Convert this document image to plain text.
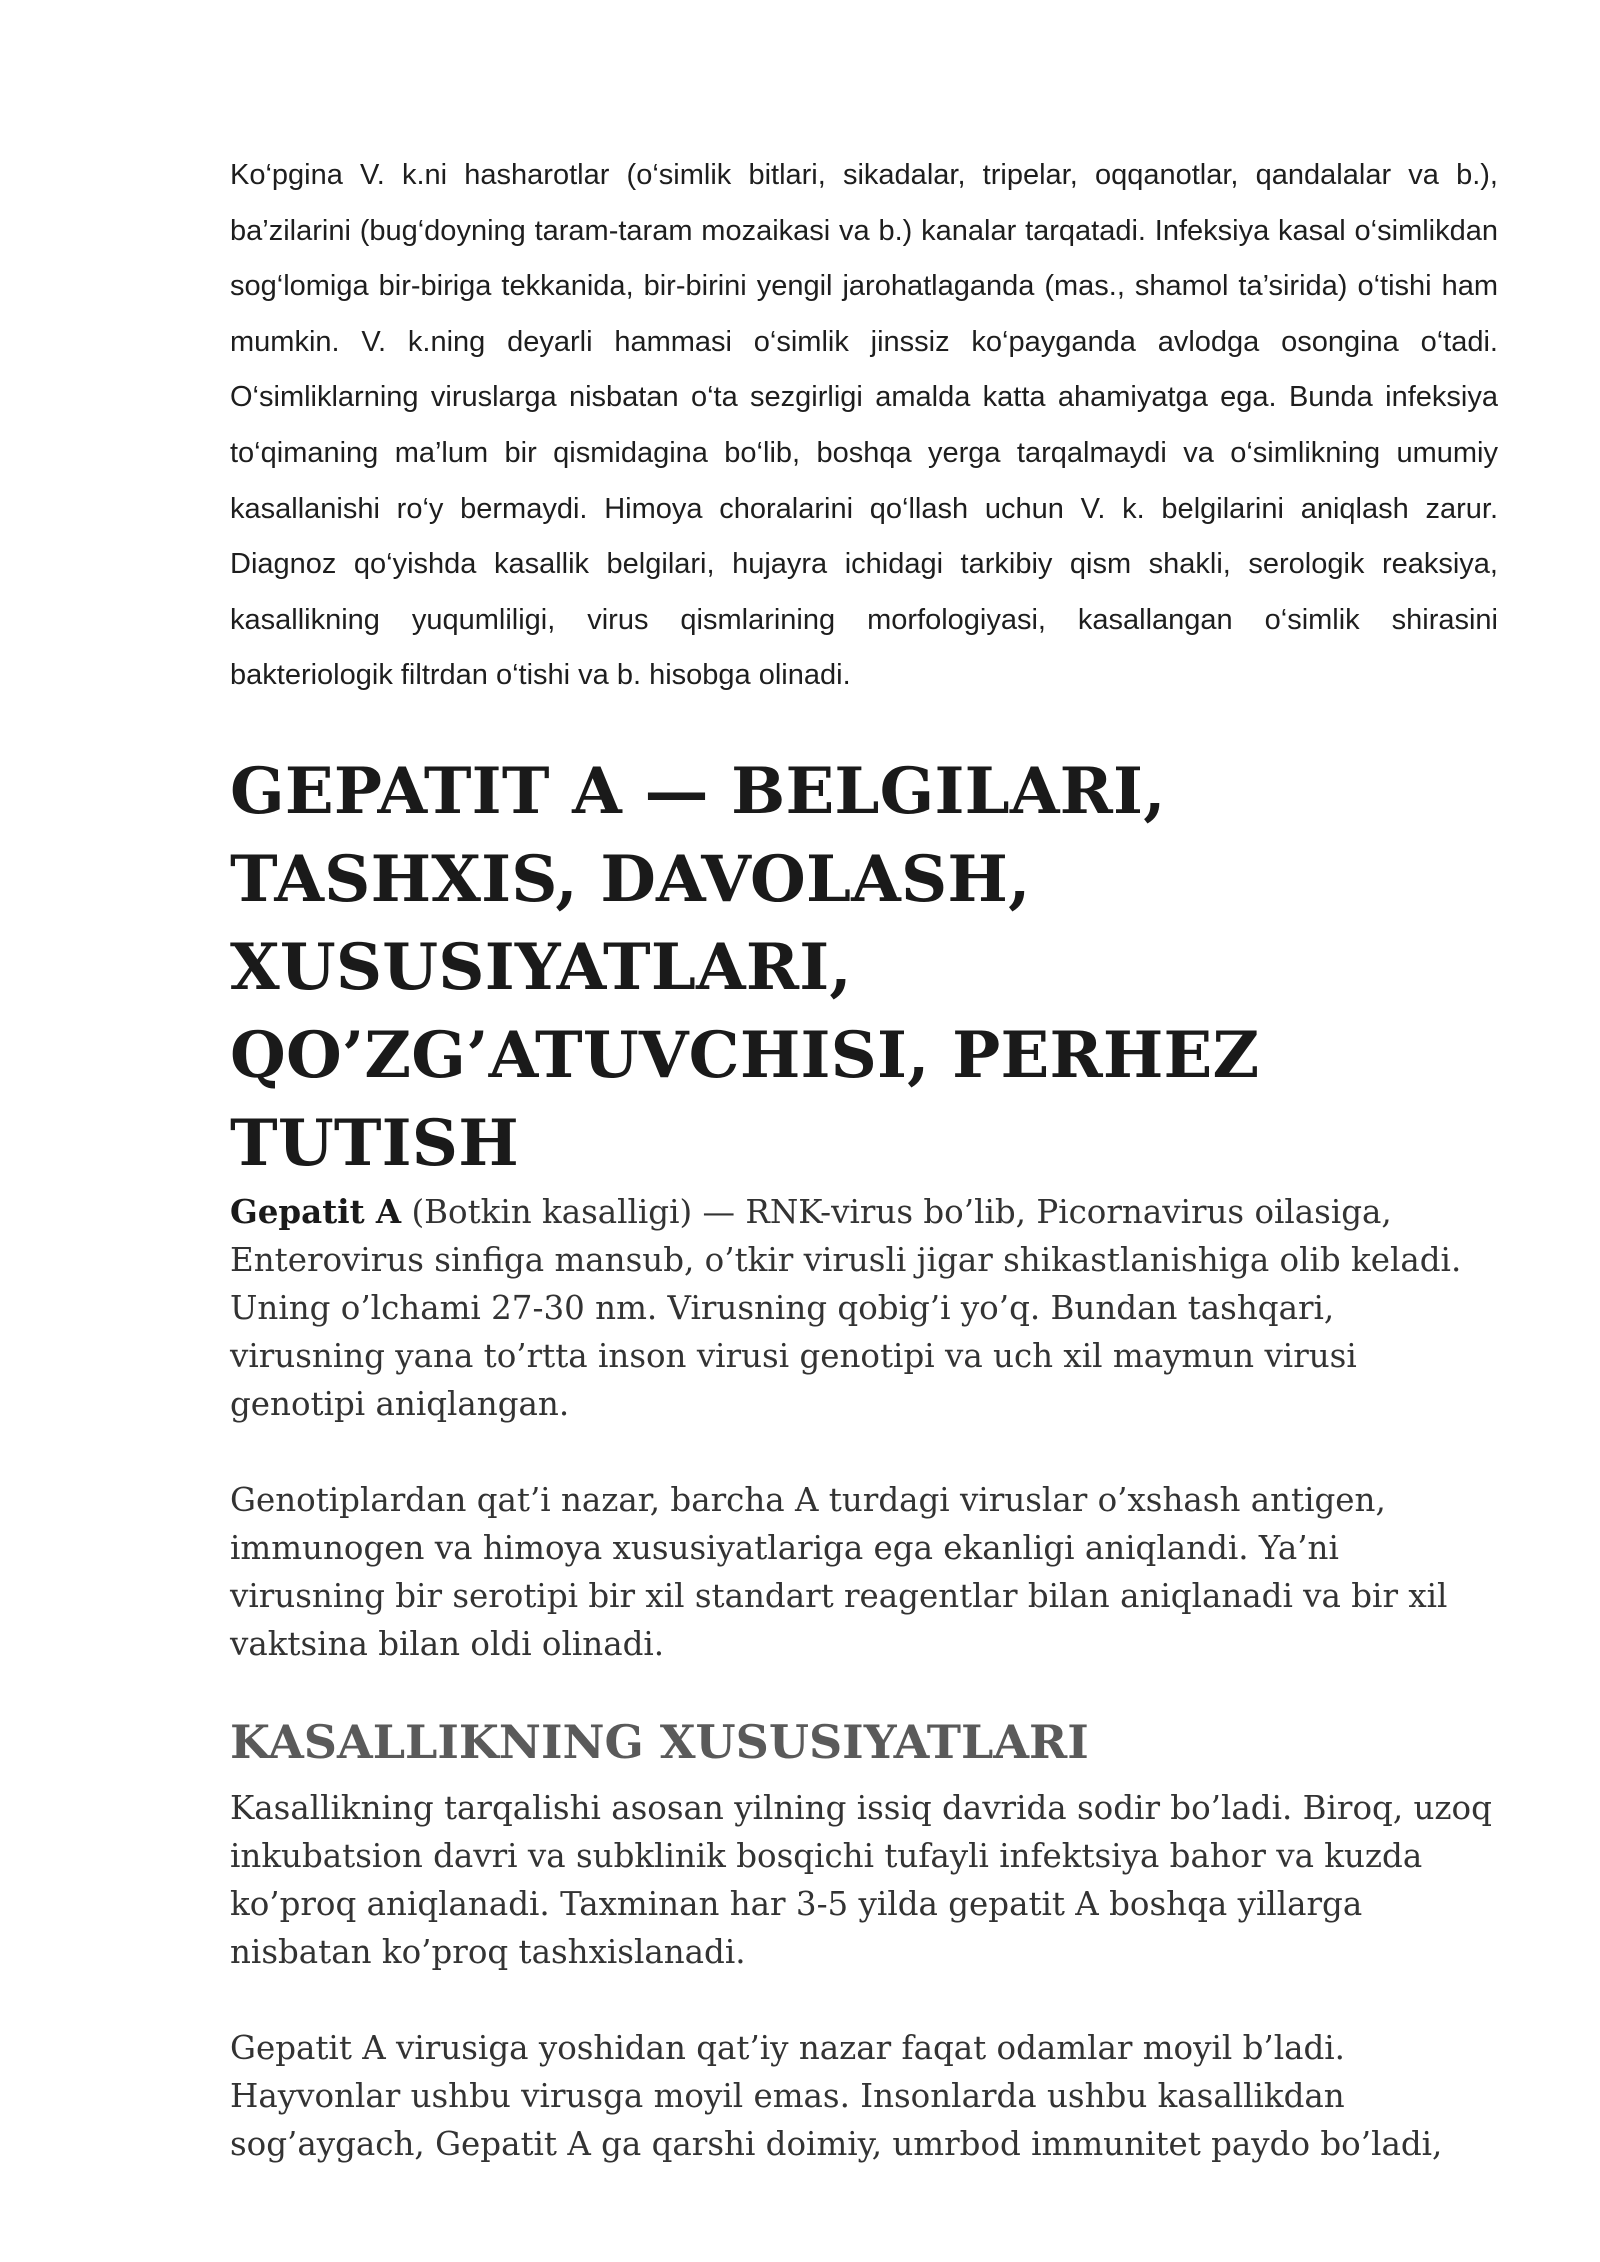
Ko‘pgina V. k.ni hasharotlar (o‘simlik bitlari, sikadalar, tripelar, oqqanotlar, qandalalar va b.), ba’zilarini (bug‘doyning taram-taram mozaikasi va b.) kanalar tarqatadi. Infeksiya kasal o‘simlikdan sog‘lomiga bir-biriga tekkanida, bir-birini yengil jarohatlaganda (mas., shamol ta’sirida) o‘tishi ham mumkin. V. k.ning deyarli hammasi o‘simlik jinssiz ko‘payganda avlodga osongina o‘tadi. O‘simliklarning viruslarga nisbatan o‘ta sezgirligi amalda katta ahamiyatga ega. Bunda infeksiya to‘qimaning ma’lum bir qismidagina bo‘lib, boshqa yerga tarqalmaydi va o‘simlikning umumiy kasallanishi ro‘y bermaydi. Himoya choralarini qo‘llash uchun V. k. belgilarini aniqlash zarur. Diagnoz qo‘yishda kasallik belgilari, hujayra ichidagi tarkibiy qism shakli, serologik reaksiya, kasallikning yuqumliligi, virus qismlarining morfologiyasi, kasallangan o‘simlik shirasini bakteriologik filtrdan o‘tishi va b. hisobga olinadi.

GEPATIT A — BELGILARI, TASHXIS, DAVOLASH, XUSUSIYATLARI, QO’ZG’ATUVCHISI, PERHEZ TUTISH

Gepatit A (Botkin kasalligi) — RNK-virus bo’lib, Picornavirus oilasiga, Enterovirus sinfiga mansub, o’tkir virusli jigar shikastlanishiga olib keladi. Uning o’lchami 27-30 nm. Virusning qobig’i yo’q. Bundan tashqari, virusning yana to’rtta inson virusi genotipi va uch xil maymun virusi genotipi aniqlangan.

Genotiplardan qat’i nazar, barcha A turdagi viruslar o’xshash antigen, immunogen va himoya xususiyatlariga ega ekanligi aniqlandi. Ya’ni virusning bir serotipi bir xil standart reagentlar bilan aniqlanadi va bir xil vaktsina bilan oldi olinadi.

KASALLIKNING XUSUSIYATLARI

Kasallikning tarqalishi asosan yilning issiq davrida sodir bo’ladi. Biroq, uzoq inkubatsion davri va subklinik bosqichi tufayli infektsiya bahor va kuzda ko’proq aniqlanadi. Taxminan har 3-5 yilda gepatit A boshqa yillarga nisbatan ko’proq tashxislanadi.

Gepatit A virusiga yoshidan qat’iy nazar faqat odamlar moyil b’ladi. Hayvonlar ushbu virusga moyil emas. Insonlarda ushbu kasallikdan sog’aygach, Gepatit A ga qarshi doimiy, umrbod immunitet paydo bo’ladi,
